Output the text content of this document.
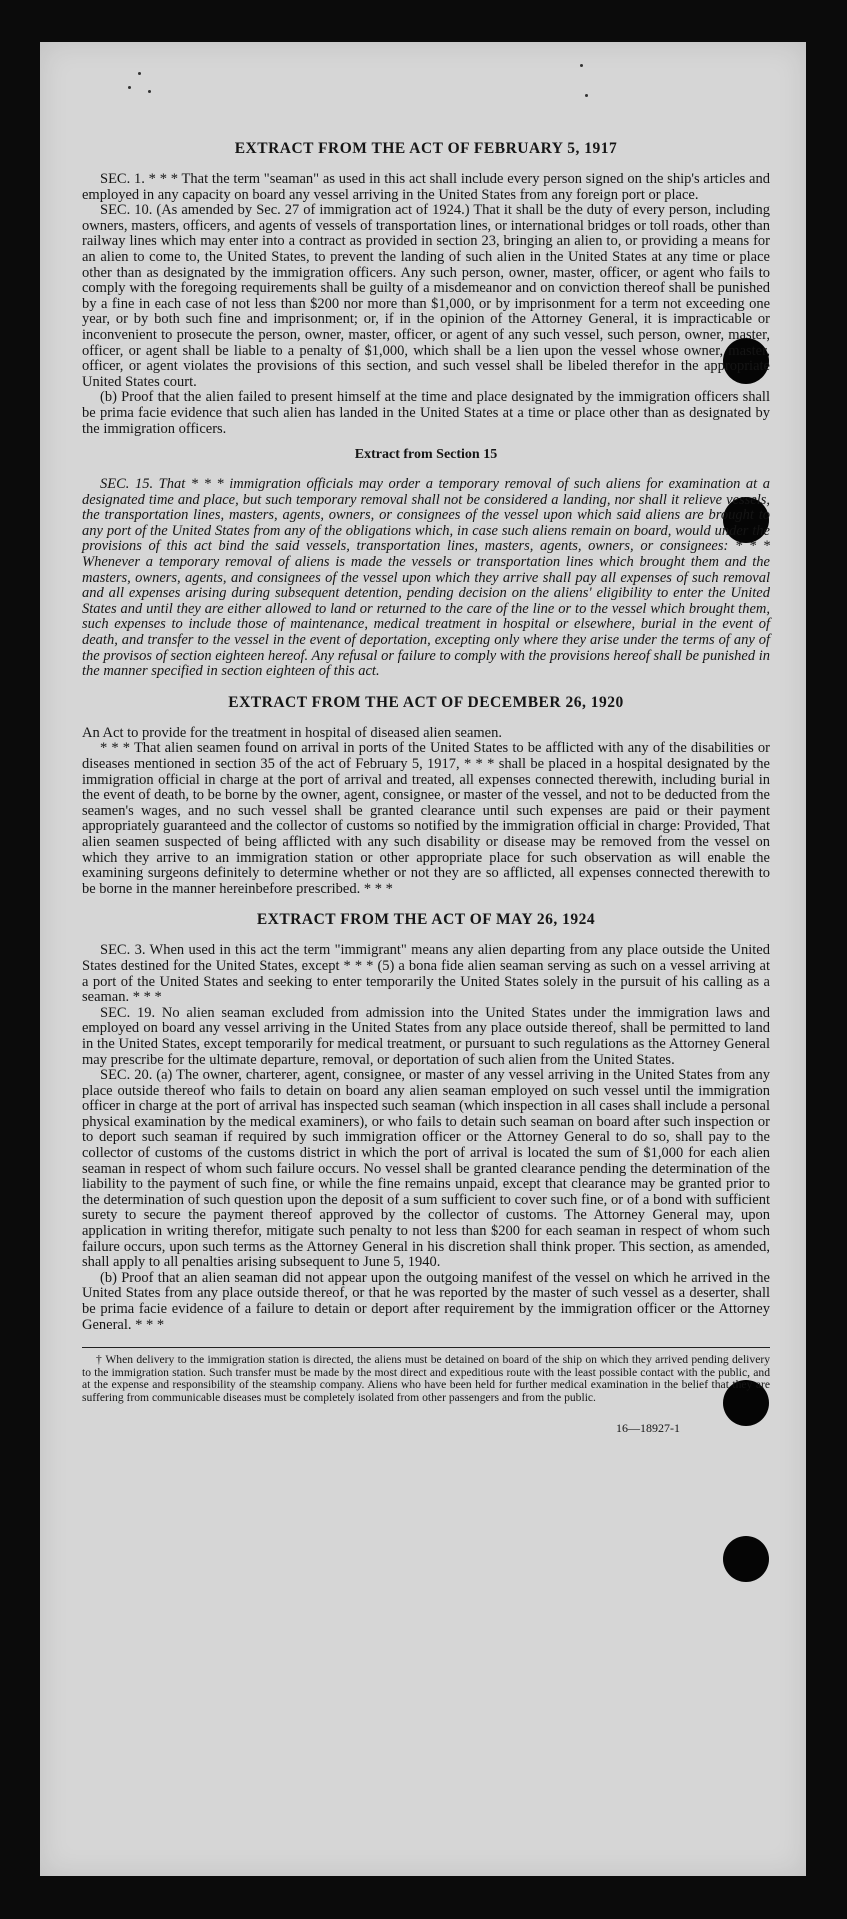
EXTRACT FROM THE ACT OF FEBRUARY 5, 1917

SEC. 1. * * * That the term "seaman" as used in this act shall include every person signed on the ship's articles and employed in any capacity on board any vessel arriving in the United States from any foreign port or place.

SEC. 10. (As amended by Sec. 27 of immigration act of 1924.) That it shall be the duty of every person, including owners, masters, officers, and agents of vessels of transportation lines, or international bridges or toll roads, other than railway lines which may enter into a contract as provided in section 23, bringing an alien to, or providing a means for an alien to come to, the United States, to prevent the landing of such alien in the United States at any time or place other than as designated by the immigration officers. Any such person, owner, master, officer, or agent who fails to comply with the foregoing requirements shall be guilty of a misdemeanor and on conviction thereof shall be punished by a fine in each case of not less than $200 nor more than $1,000, or by imprisonment for a term not exceeding one year, or by both such fine and imprisonment; or, if in the opinion of the Attorney General, it is impracticable or inconvenient to prosecute the person, owner, master, officer, or agent of any such vessel, such person, owner, master, officer, or agent shall be liable to a penalty of $1,000, which shall be a lien upon the vessel whose owner, master, officer, or agent violates the provisions of this section, and such vessel shall be libeled therefor in the appropriate United States court.

(b) Proof that the alien failed to present himself at the time and place designated by the immigration officers shall be prima facie evidence that such alien has landed in the United States at a time or place other than as designated by the immigration officers.

Extract from Section 15

SEC. 15. That * * * immigration officials may order a temporary removal of such aliens for examination at a designated time and place, but such temporary removal shall not be considered a landing, nor shall it relieve vessels, the transportation lines, masters, agents, owners, or consignees of the vessel upon which said aliens are brought to any port of the United States from any of the obligations which, in case such aliens remain on board, would under the provisions of this act bind the said vessels, transportation lines, masters, agents, owners, or consignees: * * * Whenever a temporary removal of aliens is made the vessels or transportation lines which brought them and the masters, owners, agents, and consignees of the vessel upon which they arrive shall pay all expenses of such removal and all expenses arising during subsequent detention, pending decision on the aliens' eligibility to enter the United States and until they are either allowed to land or returned to the care of the line or to the vessel which brought them, such expenses to include those of maintenance, medical treatment in hospital or elsewhere, burial in the event of death, and transfer to the vessel in the event of deportation, excepting only where they arise under the terms of any of the provisos of section eighteen hereof. Any refusal or failure to comply with the provisions hereof shall be punished in the manner specified in section eighteen of this act.

EXTRACT FROM THE ACT OF DECEMBER 26, 1920

An Act to provide for the treatment in hospital of diseased alien seamen.

* * * That alien seamen found on arrival in ports of the United States to be afflicted with any of the disabilities or diseases mentioned in section 35 of the act of February 5, 1917, * * * shall be placed in a hospital designated by the immigration official in charge at the port of arrival and treated, all expenses connected therewith, including burial in the event of death, to be borne by the owner, agent, consignee, or master of the vessel, and not to be deducted from the seamen's wages, and no such vessel shall be granted clearance until such expenses are paid or their payment appropriately guaranteed and the collector of customs so notified by the immigration official in charge: Provided, That alien seamen suspected of being afflicted with any such disability or disease may be removed from the vessel on which they arrive to an immigration station or other appropriate place for such observation as will enable the examining surgeons definitely to determine whether or not they are so afflicted, all expenses connected therewith to be borne in the manner hereinbefore prescribed. * * *

EXTRACT FROM THE ACT OF MAY 26, 1924

SEC. 3. When used in this act the term "immigrant" means any alien departing from any place outside the United States destined for the United States, except * * * (5) a bona fide alien seaman serving as such on a vessel arriving at a port of the United States and seeking to enter temporarily the United States solely in the pursuit of his calling as a seaman. * * *

SEC. 19. No alien seaman excluded from admission into the United States under the immigration laws and employed on board any vessel arriving in the United States from any place outside thereof, shall be permitted to land in the United States, except temporarily for medical treatment, or pursuant to such regulations as the Attorney General may prescribe for the ultimate departure, removal, or deportation of such alien from the United States.

SEC. 20. (a) The owner, charterer, agent, consignee, or master of any vessel arriving in the United States from any place outside thereof who fails to detain on board any alien seaman employed on such vessel until the immigration officer in charge at the port of arrival has inspected such seaman (which inspection in all cases shall include a personal physical examination by the medical examiners), or who fails to detain such seaman on board after such inspection or to deport such seaman if required by such immigration officer or the Attorney General to do so, shall pay to the collector of customs of the customs district in which the port of arrival is located the sum of $1,000 for each alien seaman in respect of whom such failure occurs. No vessel shall be granted clearance pending the determination of the liability to the payment of such fine, or while the fine remains unpaid, except that clearance may be granted prior to the determination of such question upon the deposit of a sum sufficient to cover such fine, or of a bond with sufficient surety to secure the payment thereof approved by the collector of customs. The Attorney General may, upon application in writing therefor, mitigate such penalty to not less than $200 for each seaman in respect of whom such failure occurs, upon such terms as the Attorney General in his discretion shall think proper. This section, as amended, shall apply to all penalties arising subsequent to June 5, 1940.

(b) Proof that an alien seaman did not appear upon the outgoing manifest of the vessel on which he arrived in the United States from any place outside thereof, or that he was reported by the master of such vessel as a deserter, shall be prima facie evidence of a failure to detain or deport after requirement by the immigration officer or the Attorney General. * * *

† When delivery to the immigration station is directed, the aliens must be detained on board of the ship on which they arrived pending delivery to the immigration station. Such transfer must be made by the most direct and expeditious route with the least possible contact with the public, and at the expense and responsibility of the steamship company. Aliens who have been held for further medical examination in the belief that they are suffering from communicable diseases must be completely isolated from other passengers and from the public.

16—18927-1
